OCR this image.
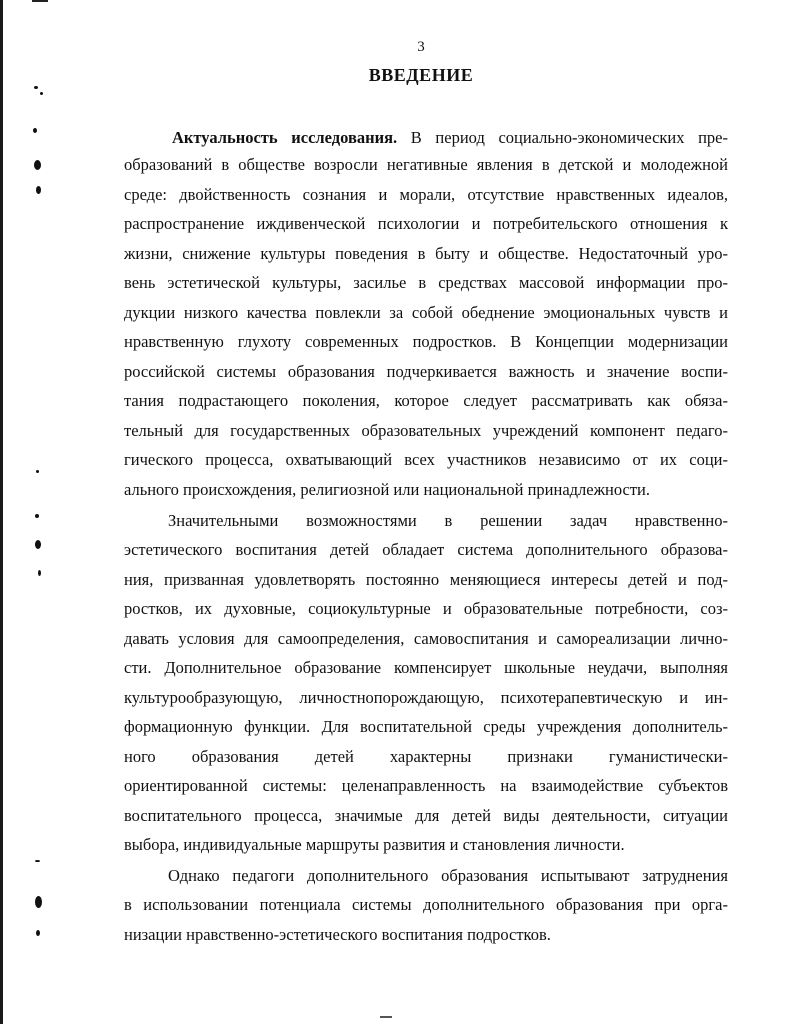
3
ВВЕДЕНИЕ
Актуальность исследования. В период социально-экономических пре-
образований в обществе возросли негативные явления в детской и молодежной
среде: двойственность сознания и морали, отсутствие нравственных идеалов,
распространение иждивенческой психологии и потребительского отношения к
жизни, снижение культуры поведения в быту и обществе. Недостаточный уро-
вень эстетической культуры, засилье в средствах массовой информации про-
дукции низкого качества повлекли за собой обеднение эмоциональных чувств и
нравственную глухоту современных подростков. В Концепции модернизации
российской системы образования подчеркивается важность и значение воспи-
тания подрастающего поколения, которое следует рассматривать как обяза-
тельный для государственных образовательных учреждений компонент педаго-
гического процесса, охватывающий всех участников независимо от их соци-
ального происхождения, религиозной или национальной принадлежности.
Значительными возможностями в решении задач нравственно-
эстетического воспитания детей обладает система дополнительного образова-
ния, призванная удовлетворять постоянно меняющиеся интересы детей и под-
ростков, их духовные, социокультурные и образовательные потребности, соз-
давать условия для самоопределения, самовоспитания и самореализации лично-
сти. Дополнительное образование компенсирует школьные неудачи, выполняя
культурообразующую, личностнопорождающую, психотерапевтическую и ин-
формационную функции. Для воспитательной среды учреждения дополнитель-
ного образования детей характерны признаки гуманистически-
ориентированной системы: целенаправленность на взаимодействие субъектов
воспитательного процесса, значимые для детей виды деятельности, ситуации
выбора, индивидуальные маршруты развития и становления личности.
Однако педагоги дополнительного образования испытывают затруднения
в использовании потенциала системы дополнительного образования при орга-
низации нравственно-эстетического воспитания подростков.
